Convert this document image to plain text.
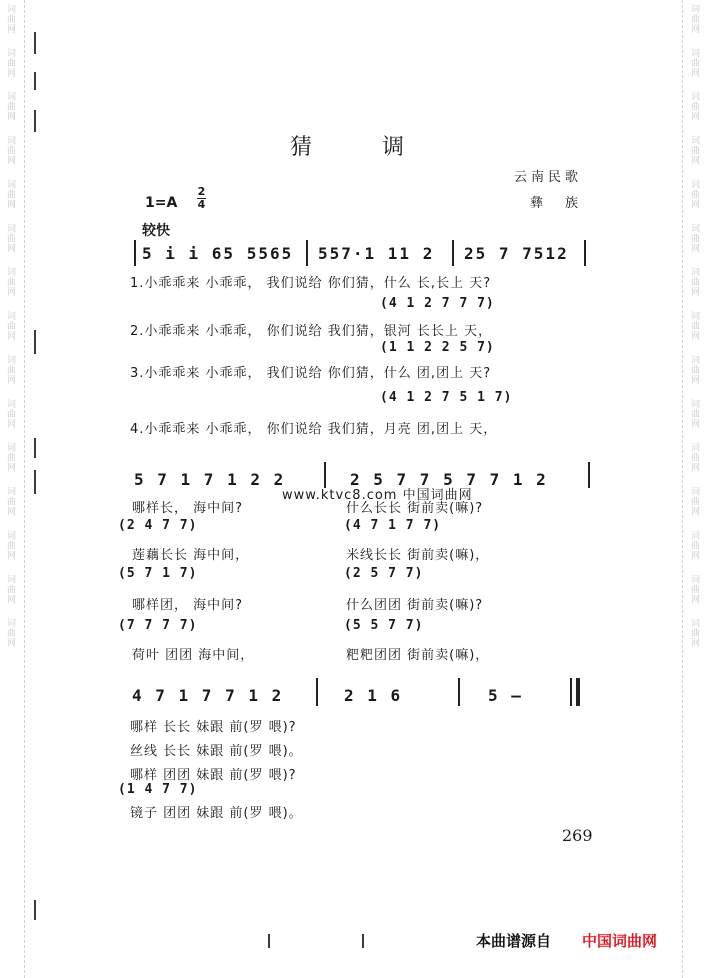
词曲网　 词曲网　 词曲网　 词曲网　 词曲网　 词曲网　 词曲网　 词曲网　 词曲网　 词曲网　 词曲网　 词曲网　 词曲网　 词曲网　 词曲网
词曲网　 词曲网　 词曲网　 词曲网　 词曲网　 词曲网　 词曲网　 词曲网　 词曲网　 词曲网　 词曲网　 词曲网　 词曲网　 词曲网　 词曲网
猜调
云南民歌
彝族
1=A
2
4
较快
5 i i 65 5565 557·1 11 2 25 7 7512
1.小乖乖来 小乖乖， 我们说给 你们猜，什么 长,长上 天?
(4 1 2 7 7 7)
2.小乖乖来 小乖乖， 你们说给 我们猜，银河 长长上 天，
(1 1 2 2 5 7)
3.小乖乖来 小乖乖， 我们说给 你们猜，什么 团,团上 天?
(4 1 2 7 5 1 7)
4.小乖乖来 小乖乖， 你们说给 我们猜，月亮 团,团上 天，
5 7 1 7 1 2 2	2 5 7 7 5 7 7 1 2
www.ktvc8.com 中国词曲网
哪样长， 海中间?	什么长长 街前卖(嘛)?
(2 4 7 7)	(4 7 1 7 7)
莲藕长长 海中间，	米线长长 街前卖(嘛)，
(5 7 1 7)	(2 5 7 7)
哪样团， 海中间?	什么团团 街前卖(嘛)?
(7 7 7 7)	(5 5 7 7)
荷叶 团团 海中间，	粑粑团团 街前卖(嘛)，
4 7 1 7 7 1 2	2 1 6	5 –
哪样 长长 妹跟 前(罗 喂)?
丝线 长长 妹跟 前(罗 喂)。
哪样 团团 妹跟 前(罗 喂)?
(1 4 7 7)
镜子 团团 妹跟 前(罗 喂)。
269
本曲谱源自 中国词曲网
